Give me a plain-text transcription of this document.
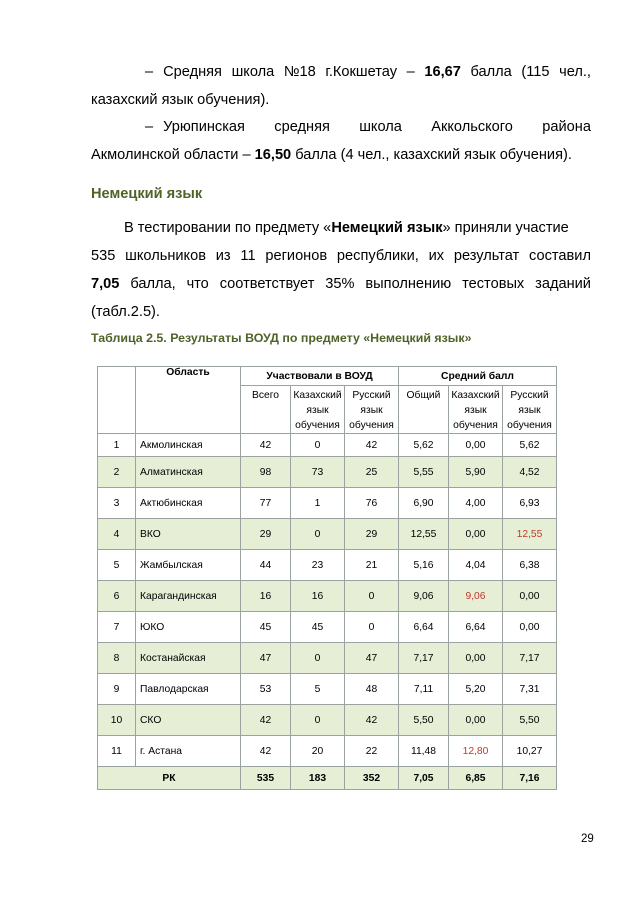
– Средняя школа №18 г.Кокшетау – 16,67 балла (115 чел.,
казахский язык обучения).
– Урюпинская средняя школа Аккольского района
Акмолинской области – 16,50 балла (4 чел., казахский язык обучения).
Немецкий язык
В тестировании по предмету «Немецкий язык» приняли участие
535 школьников из 11 регионов республики, их результат составил
7,05 балла, что соответствует 35% выполнению тестовых заданий
(табл.2.5).
Таблица 2.5. Результаты ВОУД по предмету «Немецкий язык»
	Область	Участвовали в ВОУД			Средний балл		
		Всего	Казахский
язык
обучения	Русский
язык
обучения	Общий	Казахский
язык
обучения	Русский
язык
обучения
1	Акмолинская	42	0	42	5,62	0,00	5,62
2	Алматинская	98	73	25	5,55	5,90	4,52
3	Актюбинская	77	1	76	6,90	4,00	6,93
4	ВКО	29	0	29	12,55	0,00	12,55
5	Жамбылская	44	23	21	5,16	4,04	6,38
6	Карагандинская	16	16	0	9,06	9,06	0,00
7	ЮКО	45	45	0	6,64	6,64	0,00
8	Костанайская	47	0	47	7,17	0,00	7,17
9	Павлодарская	53	5	48	7,11	5,20	7,31
10	СКО	42	0	42	5,50	0,00	5,50
11	г. Астана	42	20	22	11,48	12,80	10,27
РК		535	183	352	7,05	6,85	7,16
29
